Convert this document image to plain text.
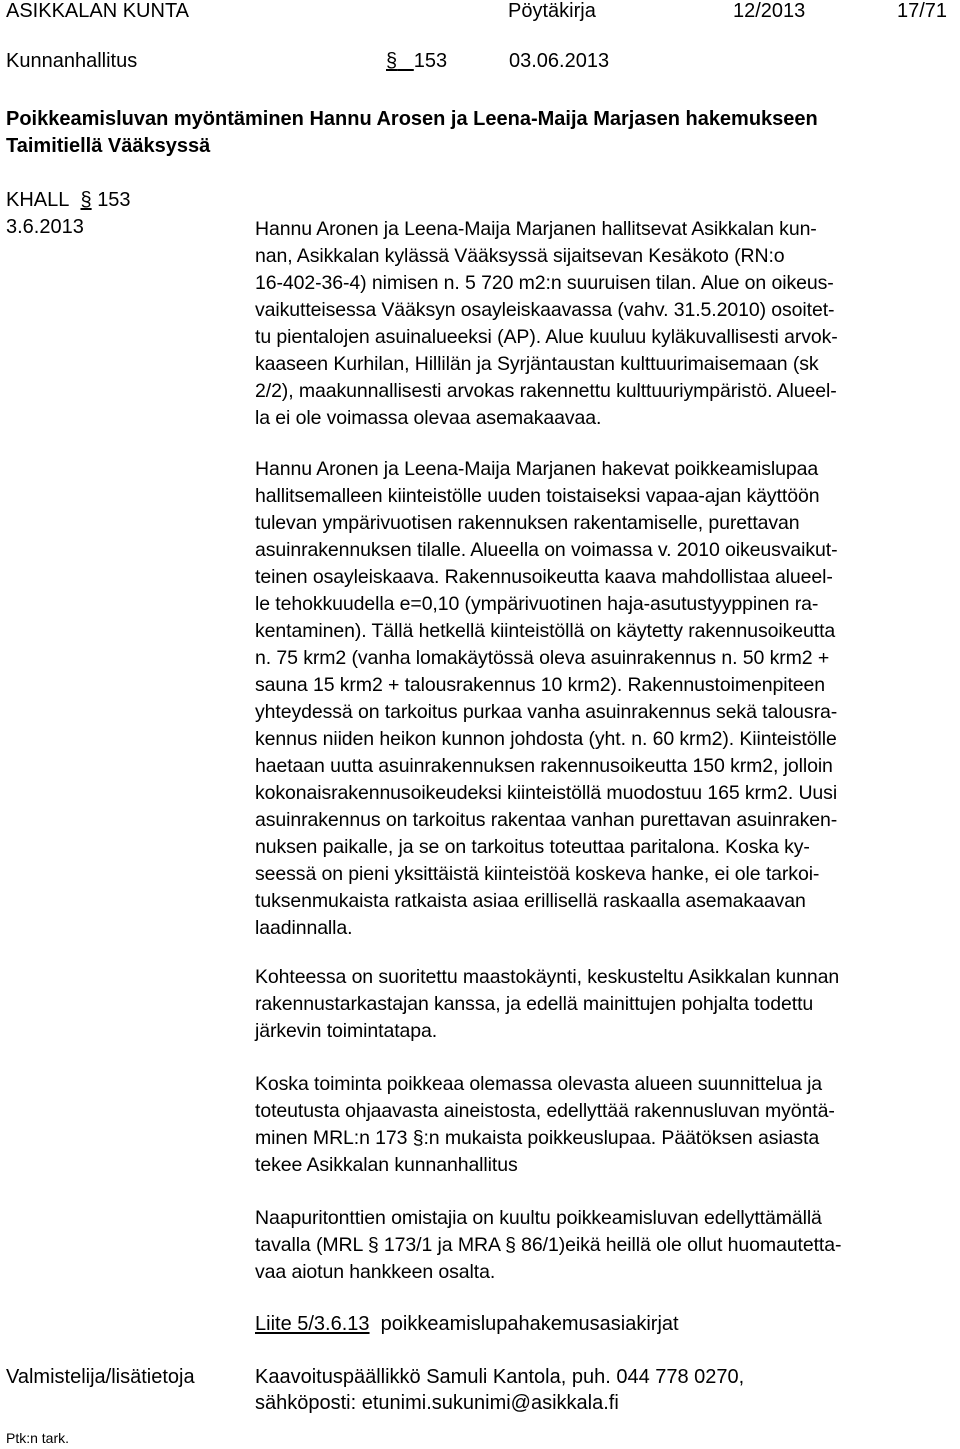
ASIKKALAN KUNTA	Pöytäkirja	12/2013	17/71
Kunnanhallitus	§ 153	03.06.2013
Poikkeamisluvan myöntäminen Hannu Arosen ja Leena-Maija Marjasen hakemukseen
Taimitiellä Vääksyssä
KHALL § 153
3.6.2013	Hannu Aronen ja Leena-Maija Marjanen hallitsevat Asikkalan kun-
nan, Asikkalan kylässä Vääksyssä sijaitsevan Kesäkoto (RN:o
16-402-36-4) nimisen n. 5 720 m2:n suuruisen tilan. Alue on oikeus-
vaikutteisessa Vääksyn osayleiskaavassa (vahv. 31.5.2010) osoitet-
tu pientalojen asuinalueeksi (AP). Alue kuuluu kyläkuvallisesti arvok-
kaaseen Kurhilan, Hillilän ja Syrjäntaustan kulttuurimaisemaan (sk
2/2), maakunnallisesti arvokas rakennettu kulttuuriympäristö. Alueel-
la ei ole voimassa olevaa asemakaavaa.
Hannu Aronen ja Leena-Maija Marjanen hakevat poikkeamislupaa
hallitsemalleen kiinteistölle uuden toistaiseksi vapaa-ajan käyttöön
tulevan ympärivuotisen rakennuksen rakentamiselle, purettavan
asuinrakennuksen tilalle. Alueella on voimassa v. 2010 oikeusvaikut-
teinen osayleiskaava. Rakennusoikeutta kaava mahdollistaa alueel-
le tehokkuudella e=0,10 (ympärivuotinen haja-asutustyyppinen ra-
kentaminen). Tällä hetkellä kiinteistöllä on käytetty rakennusoikeutta
n. 75 krm2 (vanha lomakäytössä oleva asuinrakennus n. 50 krm2 +
sauna 15 krm2 + talousrakennus 10 krm2). Rakennustoimenpiteen
yhteydessä on tarkoitus purkaa vanha asuinrakennus sekä talousra-
kennus niiden heikon kunnon johdosta (yht. n. 60 krm2). Kiinteistölle
haetaan uutta asuinrakennuksen rakennusoikeutta 150 krm2, jolloin
kokonaisrakennusoikeudeksi kiinteistöllä muodostuu 165 krm2. Uusi
asuinrakennus on tarkoitus rakentaa vanhan purettavan asuinraken-
nuksen paikalle, ja se on tarkoitus toteuttaa paritalona. Koska ky-
seessä on pieni yksittäistä kiinteistöä koskeva hanke, ei ole tarkoi-
tuksenmukaista ratkaista asiaa erillisellä raskaalla asemakaavan
laadinnalla.
Kohteessa on suoritettu maastokäynti, keskusteltu Asikkalan kunnan
rakennustarkastajan kanssa, ja edellä mainittujen pohjalta todettu
järkevin toimintatapa.
Koska toiminta poikkeaa olemassa olevasta alueen suunnittelua ja
toteutusta ohjaavasta aineistosta, edellyttää rakennusluvan myöntä-
minen MRL:n 173 §:n mukaista poikkeuslupaa. Päätöksen asiasta
tekee Asikkalan kunnanhallitus
Naapuritonttien omistajia on kuultu poikkeamisluvan edellyttämällä
tavalla (MRL § 173/1 ja MRA § 86/1)eikä heillä ole ollut huomautetta-
vaa aiotun hankkeen osalta.
Liite 5/3.6.13 poikkeamislupahakemusasiakirjat
Valmistelija/lisätietoja	Kaavoituspäällikkö Samuli Kantola, puh. 044 778 0270,
sähköposti: etunimi.sukunimi@asikkala.fi
Ptk:n tark.
